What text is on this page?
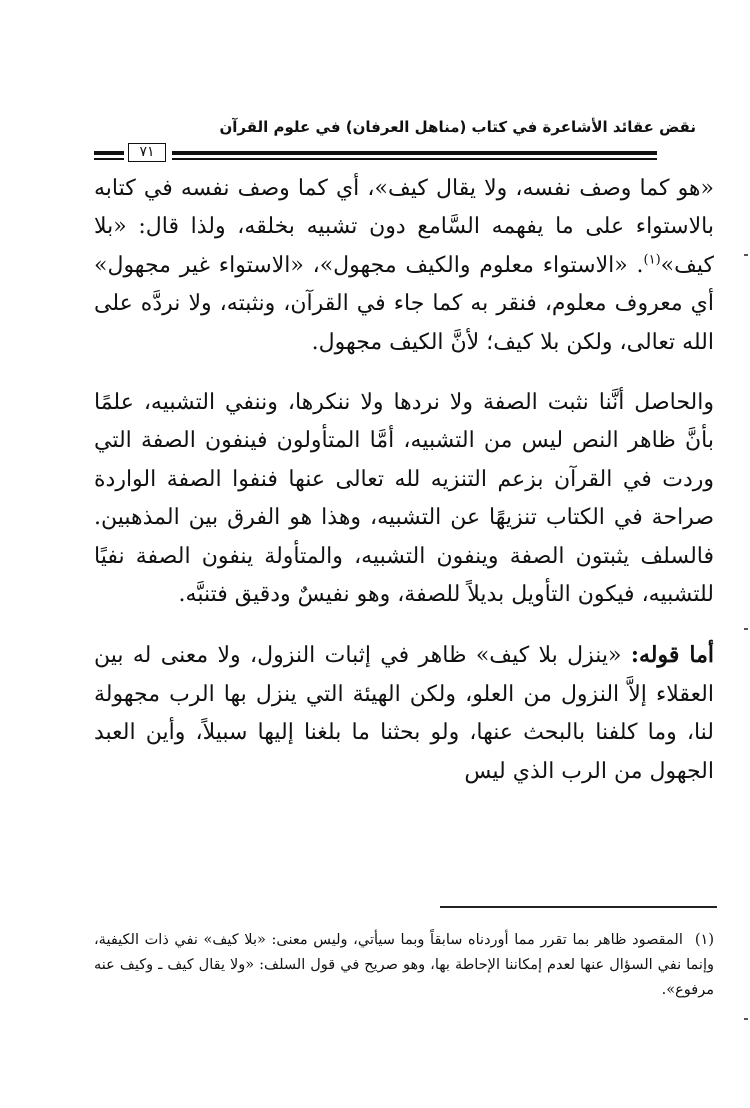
نقض عقائد الأشاعرة في كتاب (مناهل العرفان) في علوم القرآن
٧١

«هو كما وصف نفسه، ولا يقال كيف»، أي كما وصف نفسه في كتابه بالاستواء على ما يفهمه السَّامع دون تشبيه بخلقه، ولذا قال: «بلا كيف»$^{(١)}$. «الاستواء معلوم والكيف مجهول»، «الاستواء غير مجهول» أي معروف معلوم، فنقر به كما جاء في القرآن، ونثبته، ولا نردَّه على الله تعالى، ولكن بلا كيف؛ لأنَّ الكيف مجهول.

والحاصل أنَّنا نثبت الصفة ولا نردها ولا ننكرها، وننفي التشبيه، علمًا بأنَّ ظاهر النص ليس من التشبيه، أمَّا المتأولون فينفون الصفة التي وردت في القرآن بزعم التنزيه لله تعالى عنها فنفوا الصفة الواردة صراحة في الكتاب تنزيهًا عن التشبيه، وهذا هو الفرق بين المذهبين. فالسلف يثبتون الصفة وينفون التشبيه، والمتأولة ينفون الصفة نفيًا للتشبيه، فيكون التأويل بديلاً للصفة، وهو نفيسٌ ودقيق فتنبَّه.

أما قوله: «ينزل بلا كيف» ظاهر في إثبات النزول، ولا معنى له بين العقلاء إلاَّ النزول من العلو، ولكن الهيئة التي ينزل بها الرب مجهولة لنا، وما كلفنا بالبحث عنها، ولو بحثنا ما بلغنا إليها سبيلاً، وأين العبد الجهول من الرب الذي ليس

(١)المقصود ظاهر بما تقرر مما أوردناه سابقاً وبما سيأتي، وليس معنى: «بلا كيف» نفي ذات الكيفية، وإنما نفي السؤال عنها لعدم إمكاننا الإحاطة بها، وهو صريح في قول السلف: «ولا يقال كيف ـ وكيف عنه مرفوع».
